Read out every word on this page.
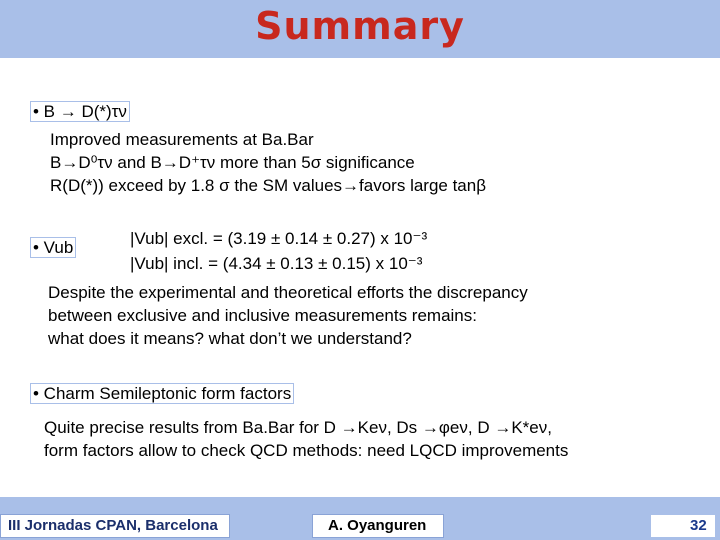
Summary
• B → D(*)τν
Improved measurements at Ba.Bar
B→D⁰τν and B→D⁺τν more than 5σ significance
R(D(*)) exceed by 1.8 σ the SM values→favors large tanβ
• Vub	|Vub| excl. = (3.19 ± 0.14 ± 0.27) x 10⁻³
|Vub| incl. = (4.34 ± 0.13 ± 0.15) x 10⁻³
Despite the experimental and theoretical efforts the discrepancy
between exclusive and inclusive measurements remains:
what does it means? what don’t we understand?
• Charm Semileptonic form factors
Quite precise results from Ba.Bar for D →Keν, Ds →φeν, D →K*eν,
form factors allow to check QCD methods: need LQCD improvements
III Jornadas CPAN, Barcelona	A. Oyanguren	32
